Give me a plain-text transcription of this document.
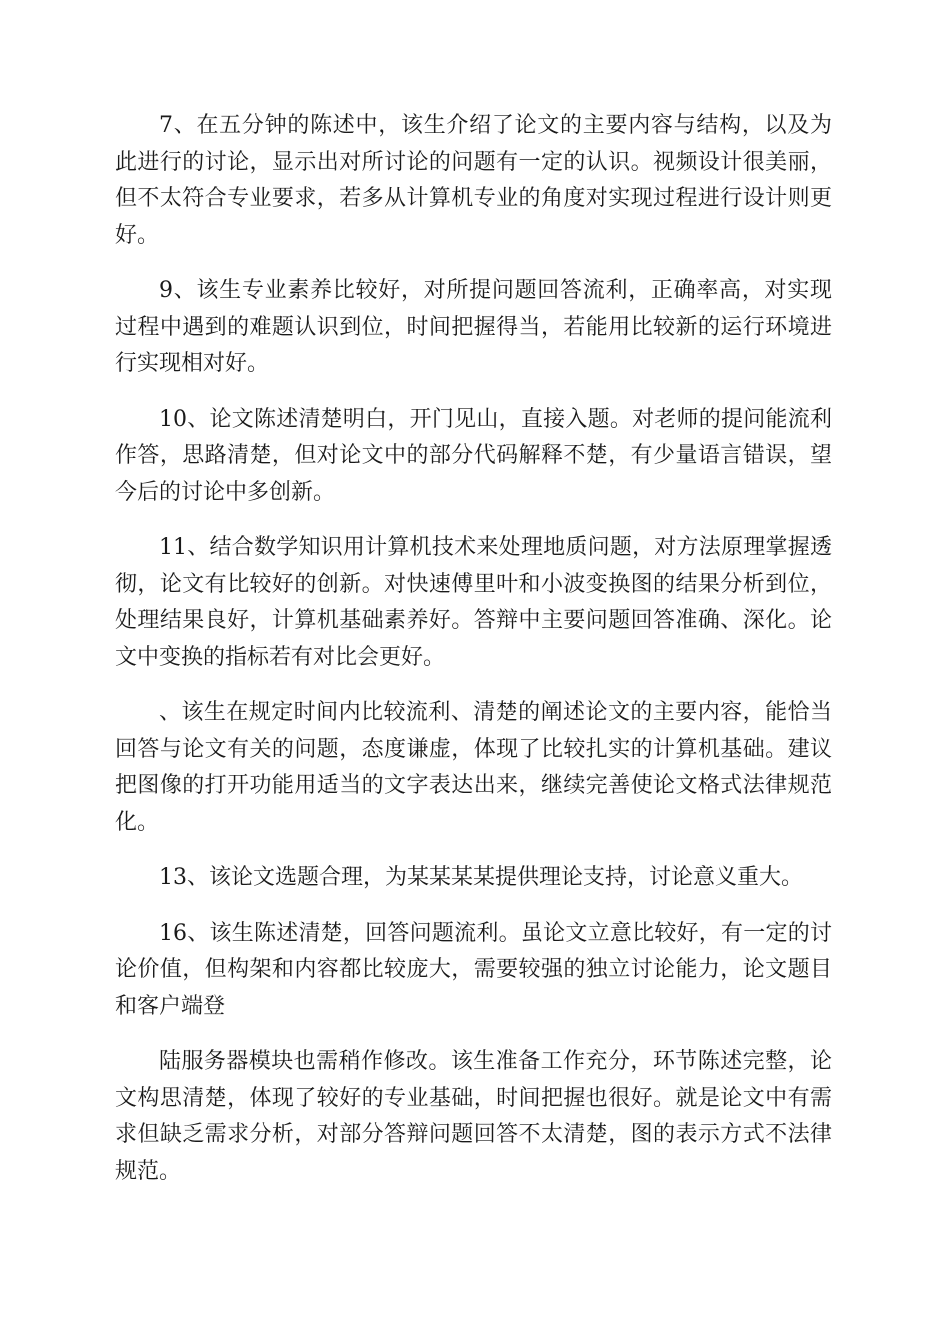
7、在五分钟的陈述中，该生介绍了论文的主要内容与结构，以及为此进行的讨论，显示出对所讨论的问题有一定的认识。视频设计很美丽，但不太符合专业要求，若多从计算机专业的角度对实现过程进行设计则更好。

9、该生专业素养比较好，对所提问题回答流利，正确率高，对实现过程中遇到的难题认识到位，时间把握得当，若能用比较新的运行环境进行实现相对好。

10、论文陈述清楚明白，开门见山，直接入题。对老师的提问能流利作答，思路清楚，但对论文中的部分代码解释不楚，有少量语言错误，望今后的讨论中多创新。

11、结合数学知识用计算机技术来处理地质问题，对方法原理掌握透彻，论文有比较好的创新。对快速傅里叶和小波变换图的结果分析到位，处理结果良好，计算机基础素养好。答辩中主要问题回答准确、深化。论文中变换的指标若有对比会更好。

、该生在规定时间内比较流利、清楚的阐述论文的主要内容，能恰当回答与论文有关的问题，态度谦虚，体现了比较扎实的计算机基础。建议把图像的打开功能用适当的文字表达出来，继续完善使论文格式法律规范化。

13、该论文选题合理，为某某某某提供理论支持，讨论意义重大。

16、该生陈述清楚，回答问题流利。虽论文立意比较好，有一定的讨论价值，但构架和内容都比较庞大，需要较强的独立讨论能力，论文题目和客户端登

陆服务器模块也需稍作修改。该生准备工作充分，环节陈述完整，论文构思清楚，体现了较好的专业基础，时间把握也很好。就是论文中有需求但缺乏需求分析，对部分答辩问题回答不太清楚，图的表示方式不法律规范。
